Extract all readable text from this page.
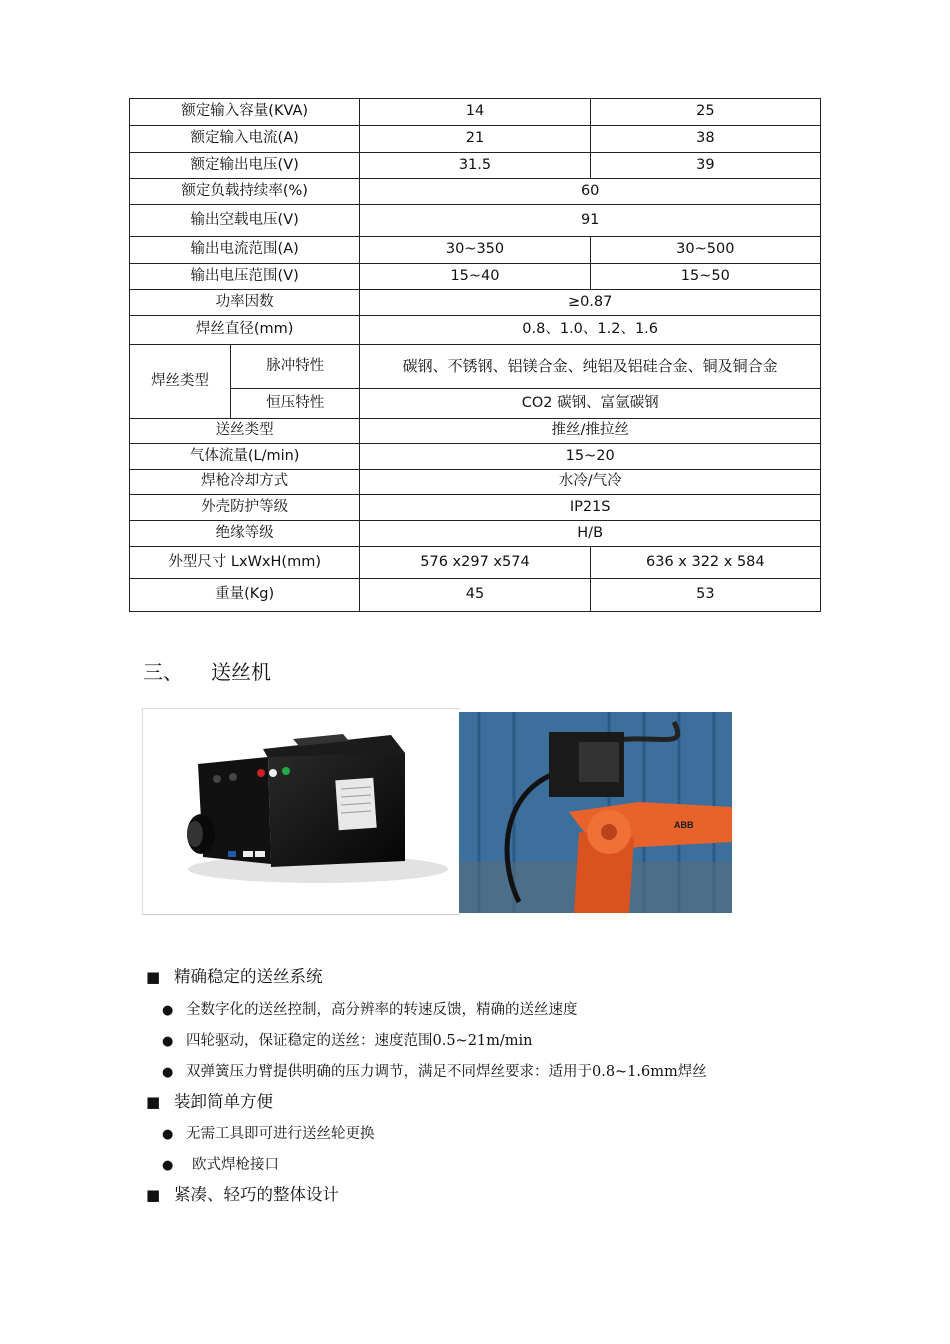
额定输入容量(KVA)		14	25
额定输入电流(A)		21	38
额定输出电压(V)		31.5	39
额定负载持续率(%)		60	
输出空载电压(V)		91	
输出电流范围(A)		30~350	30~500
输出电压范围(V)		15~40	15~50
功率因数		≥0.87	
焊丝直径(mm)		0.8、1.0、1.2、1.6	
焊丝类型	脉冲特性	碳钢、不锈钢、铝镁合金、纯铝及铝硅合金、铜及铜合金	
	恒压特性	CO2 碳钢、富氩碳钢	
送丝类型		推丝/推拉丝	
气体流量(L/min)		15~20	
焊枪冷却方式		水冷/气冷	
外壳防护等级		IP21S	
绝缘等级		H/B	
外型尺寸 LxWxH(mm)		576 x297 x574	636 x 322 x 584
重量(Kg)		45	53
三、 送丝机
ABB
■ 精确稳定的送丝系统
● 全数字化的送丝控制，高分辨率的转速反馈，精确的送丝速度
● 四轮驱动，保证稳定的送丝：速度范围0.5~21m/min
● 双弹簧压力臂提供明确的压力调节，满足不同焊丝要求：适用于0.8~1.6mm焊丝
■ 装卸简单方便
● 无需工具即可进行送丝轮更换
● 欧式焊枪接口
■ 紧凑、轻巧的整体设计
